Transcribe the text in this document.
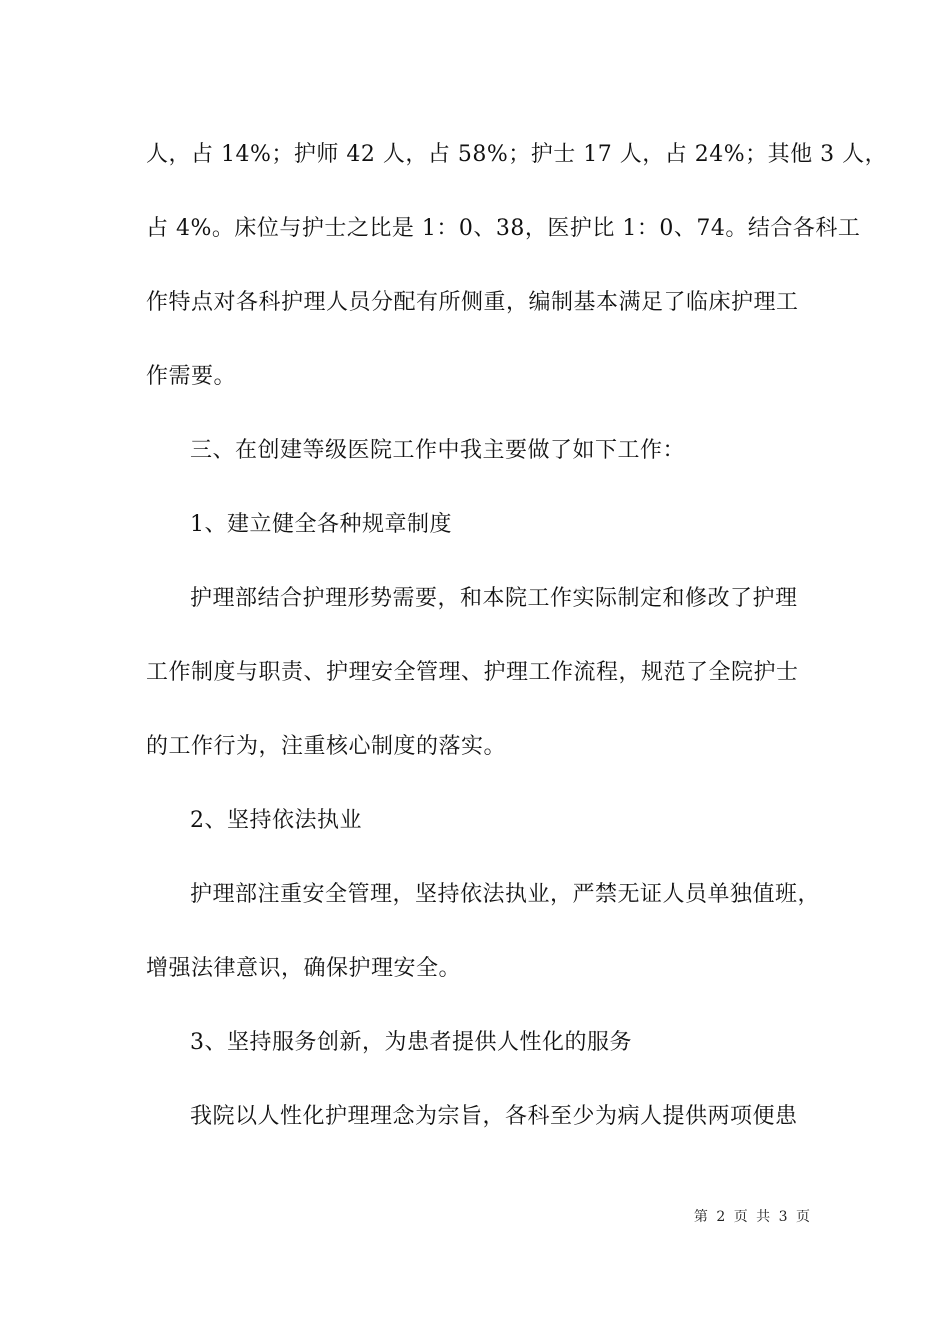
人，占 14%；护师 42 人，占 58%；护士 17 人，占 24%；其他 3 人，
占 4%。床位与护士之比是 1：0、38，医护比 1：0、74。结合各科工
作特点对各科护理人员分配有所侧重，编制基本满足了临床护理工
作需要。
三、在创建等级医院工作中我主要做了如下工作：
1、建立健全各种规章制度
护理部结合护理形势需要，和本院工作实际制定和修改了护理
工作制度与职责、护理安全管理、护理工作流程，规范了全院护士
的工作行为，注重核心制度的落实。
2、坚持依法执业
护理部注重安全管理，坚持依法执业，严禁无证人员单独值班，
增强法律意识，确保护理安全。
3、坚持服务创新，为患者提供人性化的服务
我院以人性化护理理念为宗旨，各科至少为病人提供两项便患
第 2 页 共 3 页
